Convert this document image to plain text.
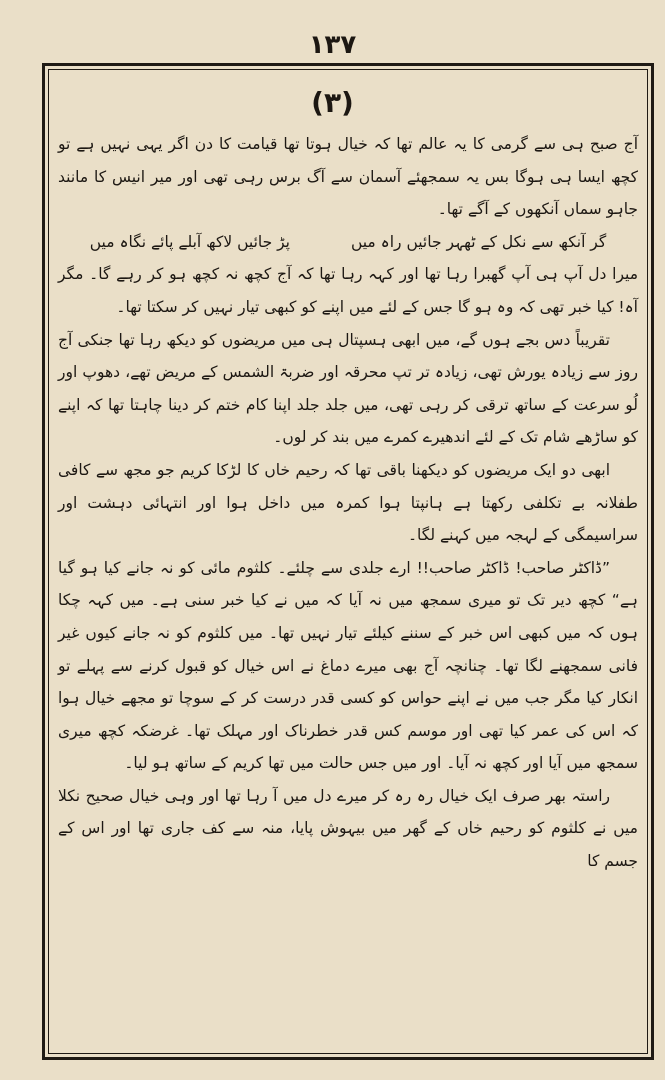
۱۳۷
(۳)

آج صبح ہی سے گرمی کا یہ عالم تھا کہ خیال ہوتا تھا قیامت کا دن اگر یہی نہیں ہے تو کچھ ایسا ہی ہوگا بس یہ سمجھئے آسمان سے آگ برس رہی تھی اور میر انیس کا مانند جاہو سماں آنکھوں کے آگے تھا۔

گر آنکھ سے نکل کے ٹھہر جائیں راہ میں پڑ جائیں لاکھ آبلے پائے نگاہ میں

میرا دل آپ ہی آپ گھبرا رہا تھا اور کہہ رہا تھا کہ آج کچھ نہ کچھ ہو کر رہے گا۔ مگر آہ! کیا خبر تھی کہ وہ ہو گا جس کے لئے میں اپنے کو کبھی تیار نہیں کر سکتا تھا۔

تقریباً دس بجے ہوں گے، میں ابھی ہسپتال ہی میں مریضوں کو دیکھ رہا تھا جنکی آج روز سے زیادہ یورش تھی، زیادہ تر تپ محرقہ اور ضربۃ الشمس کے مریض تھے، دھوپ اور لُو سرعت کے ساتھ ترقی کر رہی تھی، میں جلد جلد اپنا کام ختم کر دینا چاہتا تھا کہ اپنے کو ساڑھے شام تک کے لئے اندھیرے کمرے میں بند کر لوں۔

ابھی دو ایک مریضوں کو دیکھنا باقی تھا کہ رحیم خاں کا لڑکا کریم جو مجھ سے کافی طفلانہ بے تکلفی رکھتا ہے ہانپتا ہوا کمرہ میں داخل ہوا اور انتہائی دہشت اور سراسیمگی کے لہجہ میں کہنے لگا۔

”ڈاکٹر صاحب! ڈاکٹر صاحب!! ارے جلدی سے چلئے۔ کلثوم مائی کو نہ جانے کیا ہو گیا ہے“ کچھ دیر تک تو میری سمجھ میں نہ آیا کہ میں نے کیا خبر سنی ہے۔ میں کہہ چکا ہوں کہ میں کبھی اس خبر کے سننے کیلئے تیار نہیں تھا۔ میں کلثوم کو نہ جانے کیوں غیر فانی سمجھنے لگا تھا۔ چنانچہ آج بھی میرے دماغ نے اس خیال کو قبول کرنے سے پہلے تو انکار کیا مگر جب میں نے اپنے حواس کو کسی قدر درست کر کے سوچا تو مجھے خیال ہوا کہ اس کی عمر کیا تھی اور موسم کس قدر خطرناک اور مہلک تھا۔ غرضکہ کچھ میری سمجھ میں آیا اور کچھ نہ آیا۔ اور میں جس حالت میں تھا کریم کے ساتھ ہو لیا۔

راستہ بھر صرف ایک خیال رہ رہ کر میرے دل میں آ رہا تھا اور وہی خیال صحیح نکلا میں نے کلثوم کو رحیم خاں کے گھر میں بیہوش پایا، منہ سے کف جاری تھا اور اس کے جسم کا
